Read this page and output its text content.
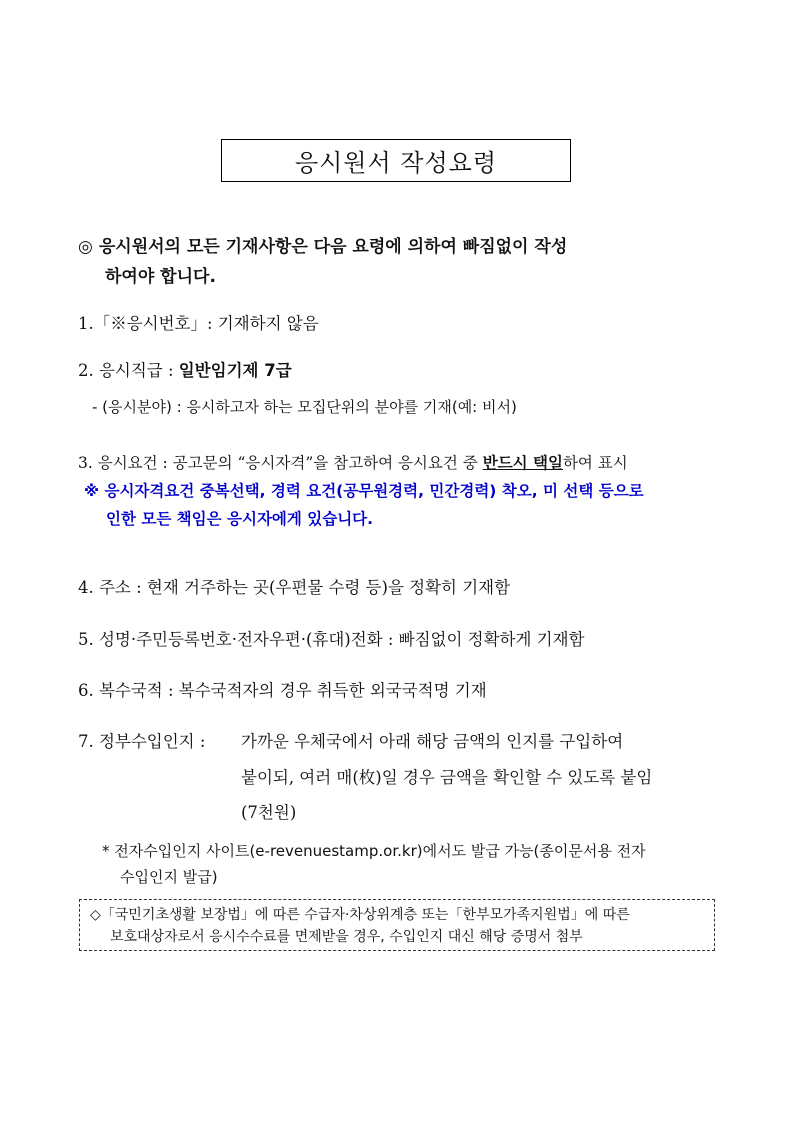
응시원서 작성요령
◎ 응시원서의 모든 기재사항은 다음 요령에 의하여 빠짐없이 작성
하여야 합니다.
1.「※응시번호」: 기재하지 않음
2. 응시직급 : 일반임기제 7급
- (응시분야) : 응시하고자 하는 모집단위의 분야를 기재(예: 비서)
3. 응시요건 : 공고문의 “응시자격”을 참고하여 응시요건 중 반드시 택일하여 표시
※ 응시자격요건 중복선택, 경력 요건(공무원경력, 민간경력) 착오, 미 선택 등으로
인한 모든 책임은 응시자에게 있습니다.
4. 주소 : 현재 거주하는 곳(우편물 수령 등)을 정확히 기재함
5. 성명·주민등록번호·전자우편·(휴대)전화 : 빠짐없이 정확하게 기재함
6. 복수국적 : 복수국적자의 경우 취득한 외국국적명 기재
7. 정부수입인지 : 가까운 우체국에서 아래 해당 금액의 인지를 구입하여
붙이되, 여러 매(枚)일 경우 금액을 확인할 수 있도록 붙임
(7천원)
* 전자수입인지 사이트(e-revenuestamp.or.kr)에서도 발급 가능(종이문서용 전자
수입인지 발급)
◇「국민기초생활 보장법」에 따른 수급자·차상위계층 또는「한부모가족지원법」에 따른
보호대상자로서 응시수수료를 면제받을 경우, 수입인지 대신 해당 증명서 첨부
